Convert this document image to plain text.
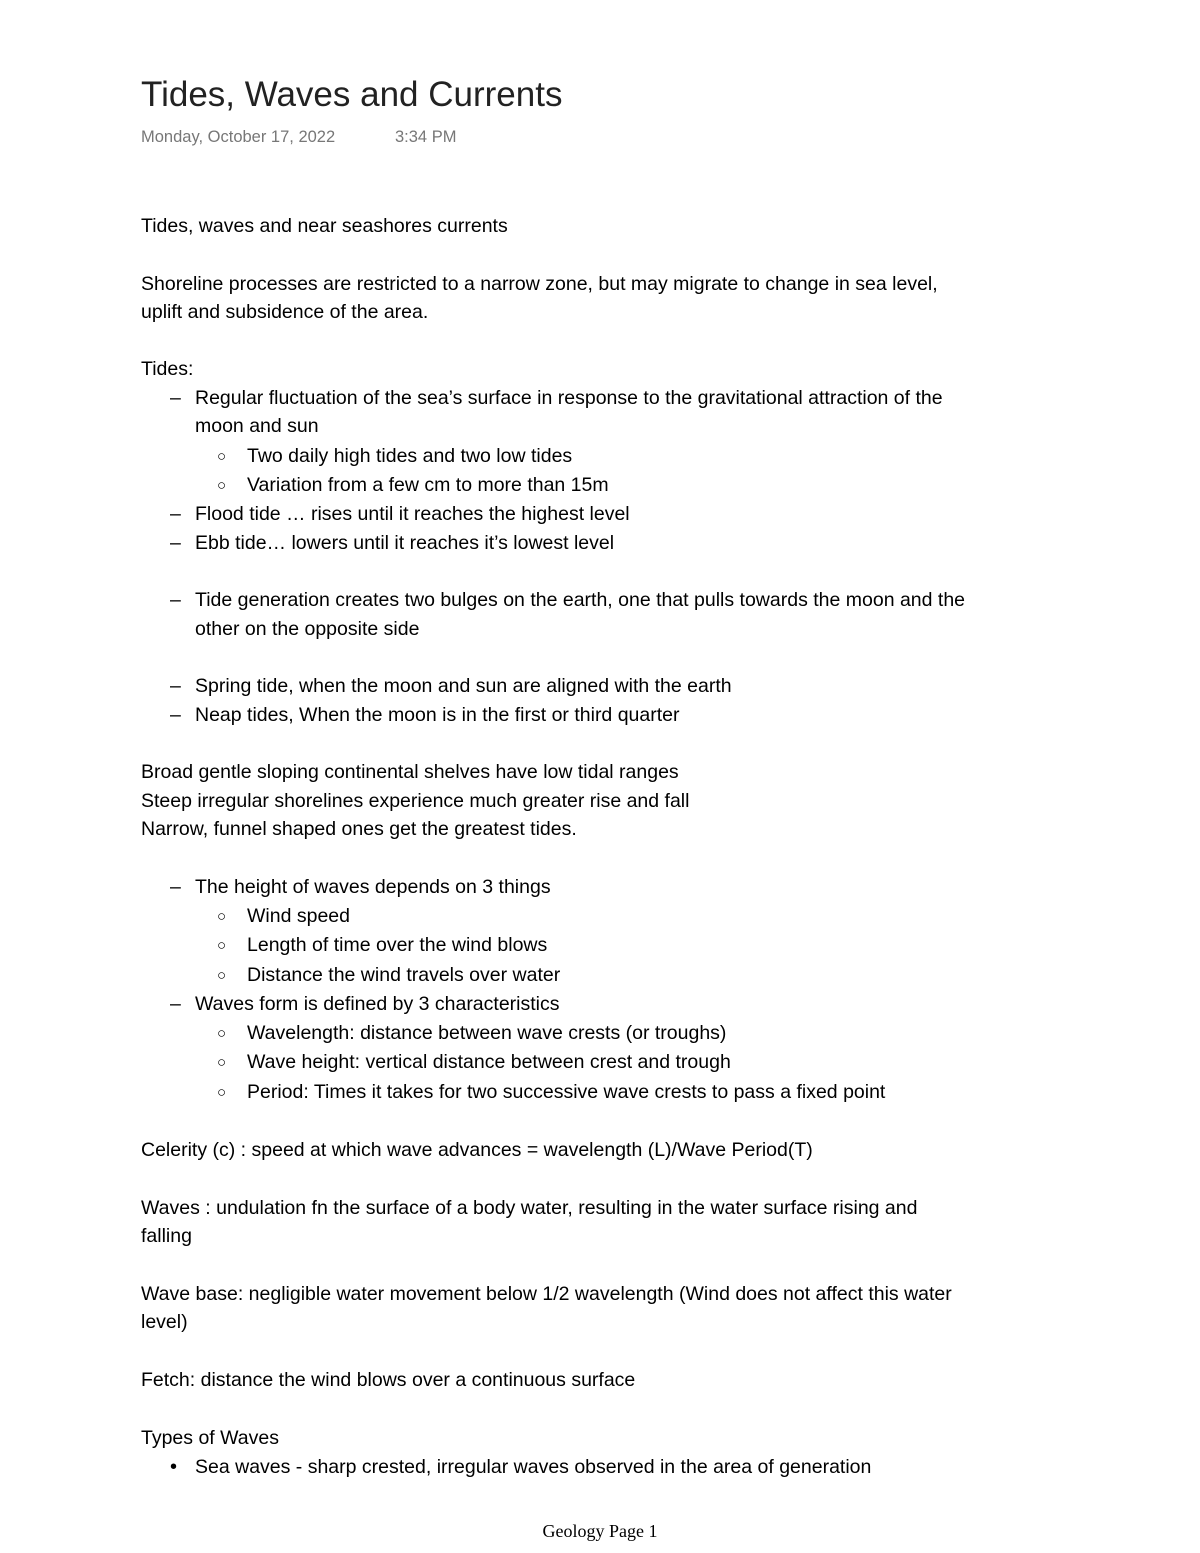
Tides, Waves and Currents
Monday, October 17, 2022	3:34 PM
Tides, waves and near seashores currents
Shoreline processes are restricted to a narrow zone, but may migrate to change in sea level,
uplift and subsidence of the area.
Tides:
– Regular fluctuation of the sea’s surface in response to the gravitational attraction of the
moon and sun
○ Two daily high tides and two low tides
○ Variation from a few cm to more than 15m
– Flood tide … rises until it reaches the highest level
– Ebb tide… lowers until it reaches it’s lowest level
– Tide generation creates two bulges on the earth, one that pulls towards the moon and the
other on the opposite side
– Spring tide, when the moon and sun are aligned with the earth
– Neap tides, When the moon is in the first or third quarter
Broad gentle sloping continental shelves have low tidal ranges
Steep irregular shorelines experience much greater rise and fall
Narrow, funnel shaped ones get the greatest tides.
– The height of waves depends on 3 things
○ Wind speed
○ Length of time over the wind blows
○ Distance the wind travels over water
– Waves form is defined by 3 characteristics
○ Wavelength: distance between wave crests (or troughs)
○ Wave height: vertical distance between crest and trough
○ Period: Times it takes for two successive wave crests to pass a fixed point
Celerity (c) : speed at which wave advances = wavelength (L)/Wave Period(T)
Waves : undulation fn the surface of a body water, resulting in the water surface rising and
falling
Wave base: negligible water movement below 1/2 wavelength (Wind does not affect this water
level)
Fetch: distance the wind blows over a continuous surface
Types of Waves
• Sea waves - sharp crested, irregular waves observed in the area of generation
Geology Page 1
